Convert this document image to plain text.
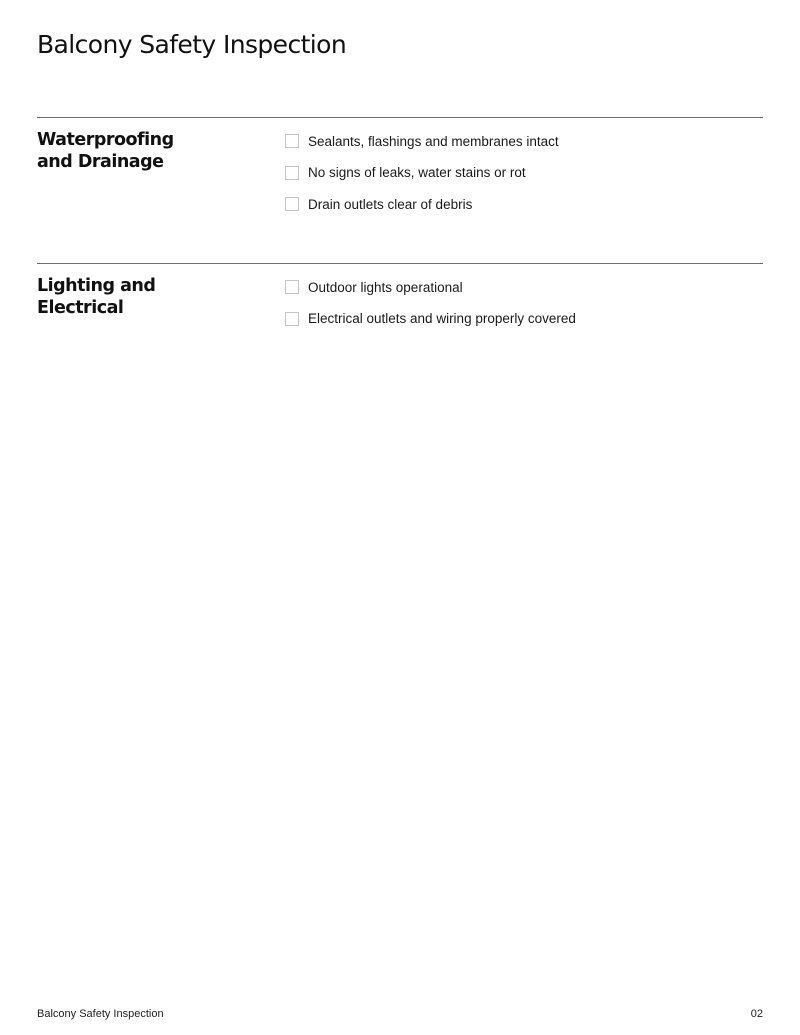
Balcony Safety Inspection
Waterproofing
and Drainage
Sealants, flashings and membranes intact
No signs of leaks, water stains or rot
Drain outlets clear of debris
Lighting and
Electrical
Outdoor lights operational
Electrical outlets and wiring properly covered
Balcony Safety Inspection	02
